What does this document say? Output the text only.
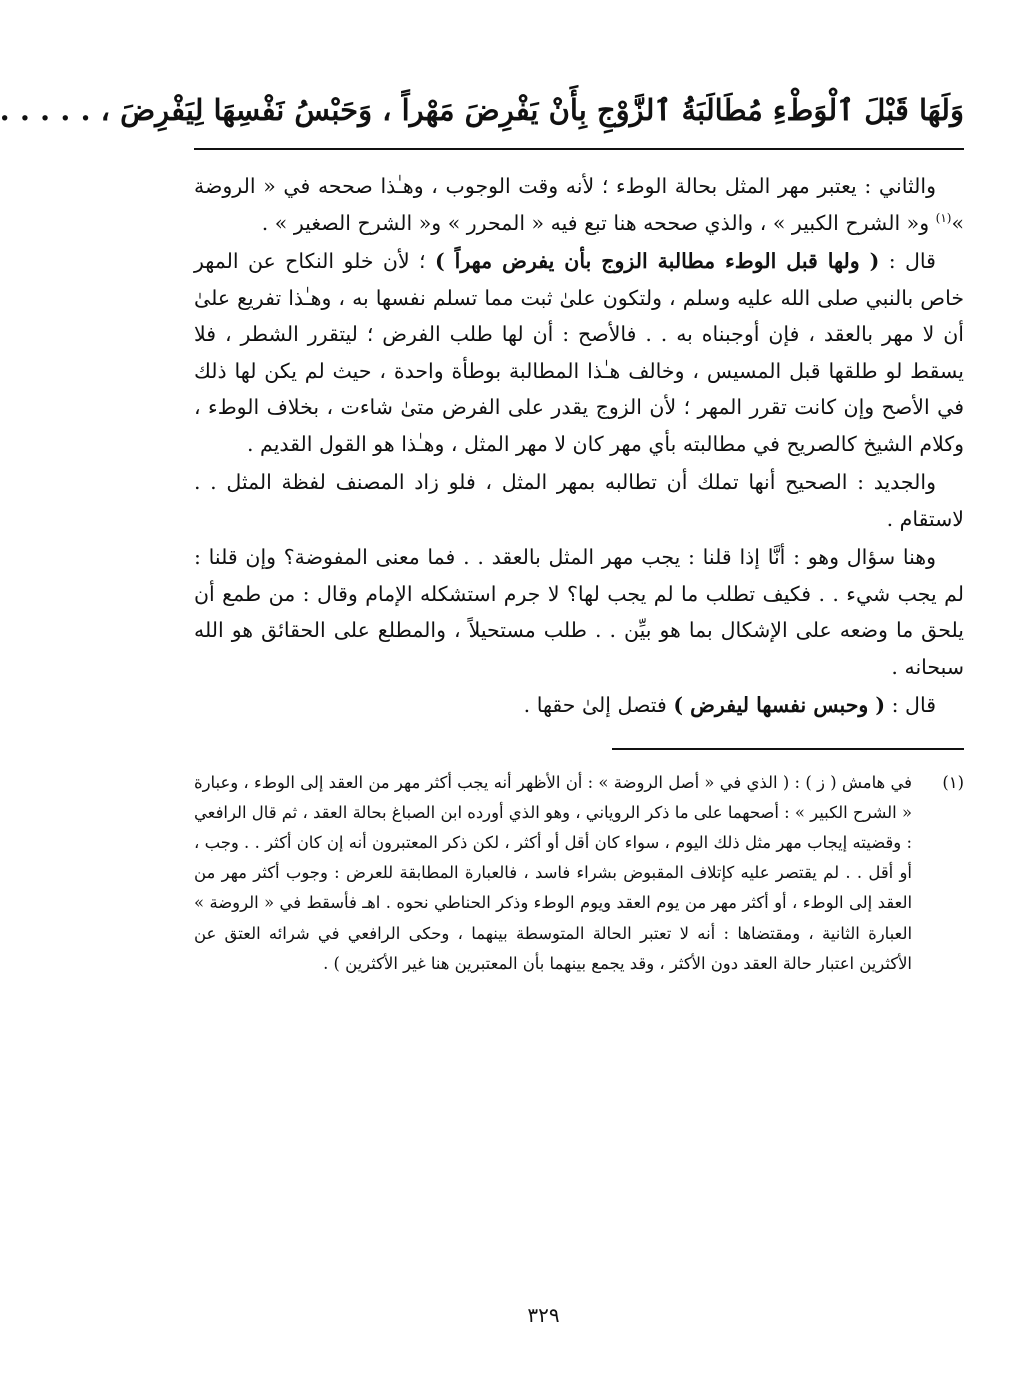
وَلَهَا قَبْلَ ٱلْوَطْءِ مُطَالَبَةُ ٱلزَّوْجِ بِأَنْ يَفْرِضَ مَهْراً ، وَحَبْسُ نَفْسِهَا لِيَفْرِضَ ، . . . . .

والثاني : يعتبر مهر المثل بحالة الوطء ؛ لأنه وقت الوجوب ، وهـٰذا صححه في « الروضة »$^{(١)}$ و« الشرح الكبير » ، والذي صححه هنا تبع فيه « المحرر » و« الشرح الصغير » .

قال : ( ولها قبل الوطء مطالبة الزوج بأن يفرض مهراً ) ؛ لأن خلو النكاح عن المهر خاص بالنبي صلى الله عليه وسلم ، ولتكون علىٰ ثبت مما تسلم نفسها به ، وهـٰذا تفريع علىٰ أن لا مهر بالعقد ، فإن أوجبناه به . . فالأصح : أن لها طلب الفرض ؛ ليتقرر الشطر ، فلا يسقط لو طلقها قبل المسيس ، وخالف هـٰذا المطالبة بوطأة واحدة ، حيث لم يكن لها ذلك في الأصح وإن كانت تقرر المهر ؛ لأن الزوج يقدر على الفرض متىٰ شاءت ، بخلاف الوطء ، وكلام الشيخ كالصريح في مطالبته بأي مهر كان لا مهر المثل ، وهـٰذا هو القول القديم .

والجديد : الصحيح أنها تملك أن تطالبه بمهر المثل ، فلو زاد المصنف لفظة المثل . . لاستقام .

وهنا سؤال وهو : أنَّا إذا قلنا : يجب مهر المثل بالعقد . . فما معنى المفوضة؟ وإن قلنا : لم يجب شيء . . فكيف تطلب ما لم يجب لها؟ لا جرم استشكله الإمام وقال : من طمع أن يلحق ما وضعه على الإشكال بما هو بيِّن . . طلب مستحيلاً ، والمطلع على الحقائق هو الله سبحانه .

قال : ( وحبس نفسها ليفرض ) فتصل إلىٰ حقها .

(١)
في هامش ( ز ) : ( الذي في « أصل الروضة » : أن الأظهر أنه يجب أكثر مهر من العقد إلى الوطء ، وعبارة « الشرح الكبير » : أصحهما على ما ذكر الروياني ، وهو الذي أورده ابن الصباغ بحالة العقد ، ثم قال الرافعي : وقضيته إيجاب مهر مثل ذلك اليوم ، سواء كان أقل أو أكثر ، لكن ذكر المعتبرون أنه إن كان أكثر . . وجب ، أو أقل . . لم يقتصر عليه كإتلاف المقبوض بشراء فاسد ، فالعبارة المطابقة للعرض : وجوب أكثر مهر من العقد إلى الوطء ، أو أكثر مهر من يوم العقد ويوم الوطء وذكر الحناطي نحوه . اهـ فأسقط في « الروضة » العبارة الثانية ، ومقتضاها : أنه لا تعتبر الحالة المتوسطة بينهما ، وحكى الرافعي في شرائه العتق عن الأكثرين اعتبار حالة العقد دون الأكثر ، وقد يجمع بينهما بأن المعتبرين هنا غير الأكثرين ) .
٣٢٩
